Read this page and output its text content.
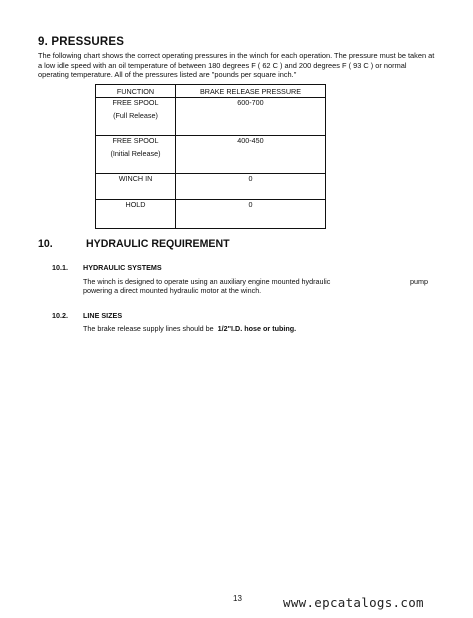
9. PRESSURES
The following chart shows the correct operating pressures in the winch for each operation. The pressure must be taken at a low idle speed with an oil temperature of between 180 degrees F ( 62 C ) and 200 degrees F ( 93 C ) or normal operating temperature. All of the pressures listed are "pounds per square inch."
FUNCTION	BRAKE RELEASE PRESSURE
FREE SPOOL
(Full Release)	600-700
FREE SPOOL
(Initial Release)	400-450
WINCH IN	0
HOLD	0
10.	HYDRAULIC REQUIREMENT
10.1. HYDRAULIC SYSTEMS
The winch is designed to operate using an auxiliary engine mounted hydraulic
powering a direct mounted hydraulic motor at the winch.
pump
10.2. LINE SIZES
The brake release supply lines should be 1/2"I.D. hose or tubing.
13	www.epcatalogs.com
